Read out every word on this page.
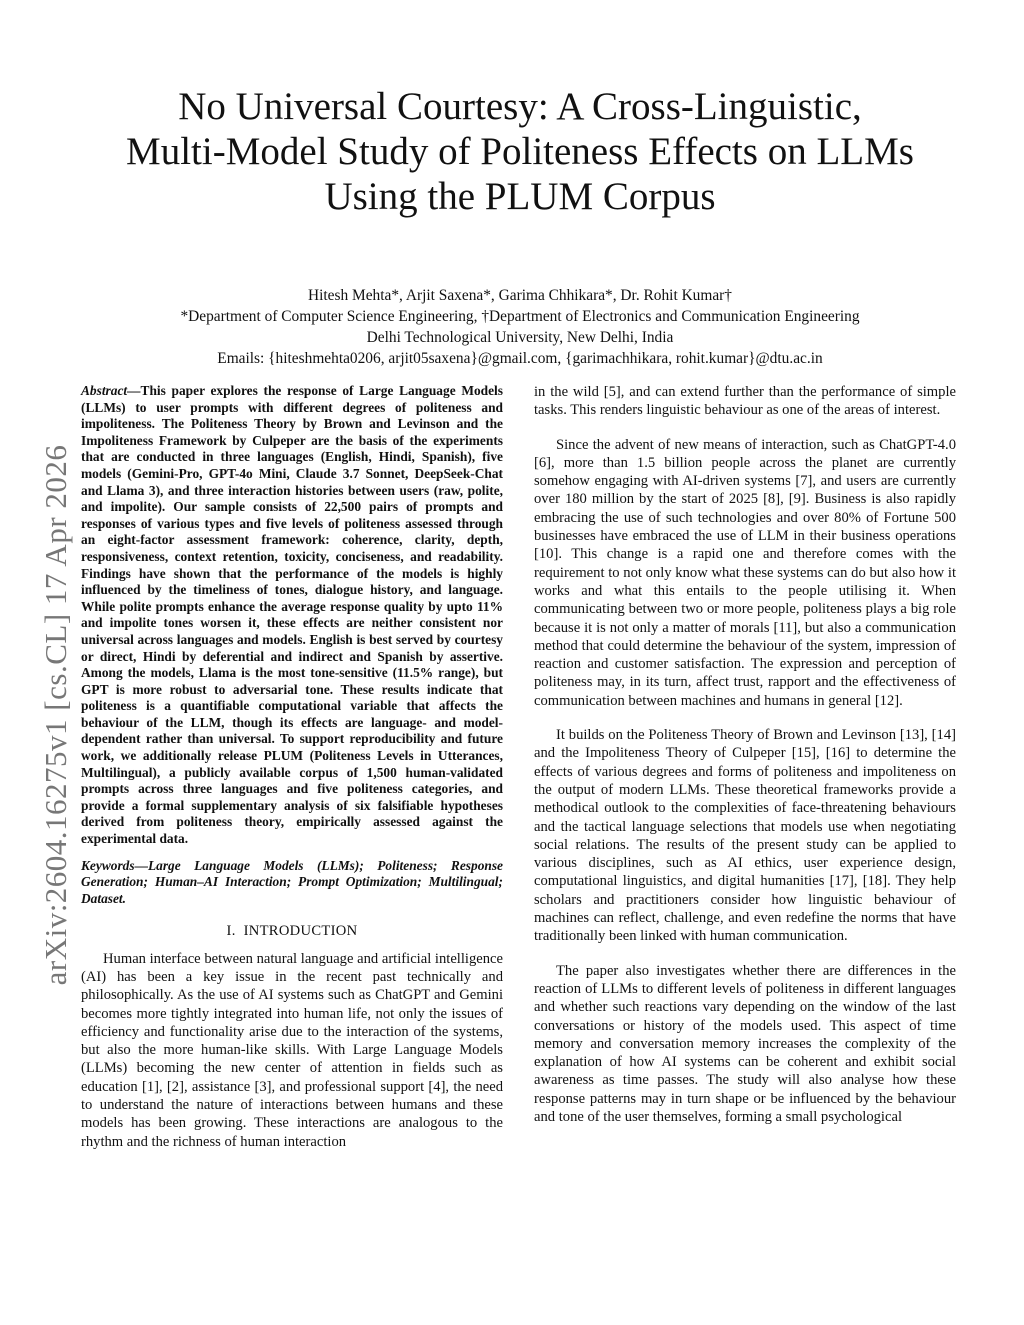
arXiv:2604.16275v1 [cs.CL] 17 Apr 2026
No Universal Courtesy: A Cross-Linguistic,
Multi-Model Study of Politeness Effects on LLMs
Using the PLUM Corpus
Hitesh Mehta*, Arjit Saxena*, Garima Chhikara*, Dr. Rohit Kumar†
*Department of Computer Science Engineering, †Department of Electronics and Communication Engineering
Delhi Technological University, New Delhi, India
Emails: {hiteshmehta0206, arjit05saxena}@gmail.com, {garimachhikara, rohit.kumar}@dtu.ac.in

Abstract—This paper explores the response of Large Language Models (LLMs) to user prompts with different degrees of politeness and impoliteness. The Politeness Theory by Brown and Levinson and the Impoliteness Framework by Culpeper are the basis of the experiments that are conducted in three languages (English, Hindi, Spanish), five models (Gemini-Pro, GPT-4o Mini, Claude 3.7 Sonnet, DeepSeek-Chat and Llama 3), and three interaction histories between users (raw, polite, and impolite). Our sample consists of 22,500 pairs of prompts and responses of various types and five levels of politeness assessed through an eight-factor assessment framework: coherence, clarity, depth, responsiveness, context retention, toxicity, conciseness, and readability. Findings have shown that the performance of the models is highly influenced by the timeliness of tones, dialogue history, and language. While polite prompts enhance the average response quality by upto 11% and impolite tones worsen it, these effects are neither consistent nor universal across languages and models. English is best served by courtesy or direct, Hindi by deferential and indirect and Spanish by assertive. Among the models, Llama is the most tone-sensitive (11.5% range), but GPT is more robust to adversarial tone. These results indicate that politeness is a quantifiable computational variable that affects the behaviour of the LLM, though its effects are language- and model-dependent rather than universal. To support reproducibility and future work, we additionally release PLUM (Politeness Levels in Utterances, Multilingual), a publicly available corpus of 1,500 human-validated prompts across three languages and five politeness categories, and provide a formal supplementary analysis of six falsifiable hypotheses derived from politeness theory, empirically assessed against the experimental data.

Keywords—Large Language Models (LLMs); Politeness; Response Generation; Human–AI Interaction; Prompt Optimization; Multilingual; Dataset.

I. INTRODUCTION

Human interface between natural language and artificial intelligence (AI) has been a key issue in the recent past technically and philosophically. As the use of AI systems such as ChatGPT and Gemini becomes more tightly integrated into human life, not only the issues of efficiency and functionality arise due to the interaction of the systems, but also the more human-like skills. With Large Language Models (LLMs) becoming the new center of attention in fields such as education [1], [2], assistance [3], and professional support [4], the need to understand the nature of interactions between humans and these models has been growing. These interactions are analogous to the rhythm and the richness of human interaction

in the wild [5], and can extend further than the performance of simple tasks. This renders linguistic behaviour as one of the areas of interest.

Since the advent of new means of interaction, such as ChatGPT-4.0 [6], more than 1.5 billion people across the planet are currently somehow engaging with AI-driven systems [7], and users are currently over 180 million by the start of 2025 [8], [9]. Business is also rapidly embracing the use of such technologies and over 80% of Fortune 500 businesses have embraced the use of LLM in their business operations [10]. This change is a rapid one and therefore comes with the requirement to not only know what these systems can do but also how it works and what this entails to the people utilising it. When communicating between two or more people, politeness plays a big role because it is not only a matter of morals [11], but also a communication method that could determine the behaviour of the system, impression of reaction and customer satisfaction. The expression and perception of politeness may, in its turn, affect trust, rapport and the effectiveness of communication between machines and humans in general [12].

It builds on the Politeness Theory of Brown and Levinson [13], [14] and the Impoliteness Theory of Culpeper [15], [16] to determine the effects of various degrees and forms of politeness and impoliteness on the output of modern LLMs. These theoretical frameworks provide a methodical outlook to the complexities of face-threatening behaviours and the tactical language selections that models use when negotiating social relations. The results of the present study can be applied to various disciplines, such as AI ethics, user experience design, computational linguistics, and digital humanities [17], [18]. They help scholars and practitioners consider how linguistic behaviour of machines can reflect, challenge, and even redefine the norms that have traditionally been linked with human communication.

The paper also investigates whether there are differences in the reaction of LLMs to different levels of politeness in different languages and whether such reactions vary depending on the window of the last conversations or history of the models used. This aspect of time memory and conversation memory increases the complexity of the explanation of how AI systems can be coherent and exhibit social awareness as time passes. The study will also analyse how these response patterns may in turn shape or be influenced by the behaviour and tone of the user themselves, forming a small psychological
